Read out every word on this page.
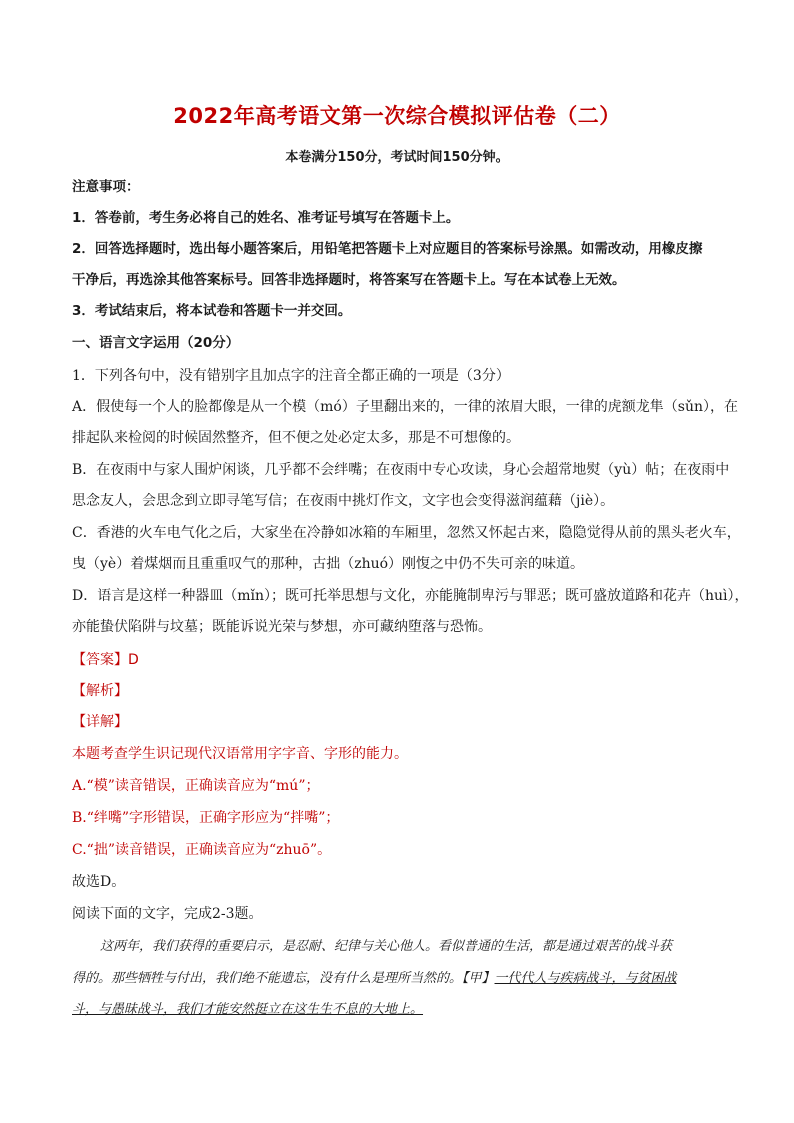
2022年高考语文第一次综合模拟评估卷（二）
本卷满分150分，考试时间150分钟。
注意事项：
1．答卷前，考生务必将自己的姓名、准考证号填写在答题卡上。
2．回答选择题时，选出每小题答案后，用铅笔把答题卡上对应题目的答案标号涂黑。如需改动，用橡皮擦
干净后，再选涂其他答案标号。回答非选择题时，将答案写在答题卡上。写在本试卷上无效。
3．考试结束后，将本试卷和答题卡一并交回。
一、语言文字运用（20分）
1．下列各句中，没有错别字且加点字的注音全都正确的一项是（3分）
A．假使每一个人的脸都像是从一个模（mó）子里翻出来的，一律的浓眉大眼，一律的虎额龙隼（sǔn），在
排起队来检阅的时候固然整齐，但不便之处必定太多，那是不可想像的。
B．在夜雨中与家人围炉闲谈，几乎都不会绊嘴；在夜雨中专心攻读，身心会超常地熨（yù）帖；在夜雨中
思念友人，会思念到立即寻笔写信；在夜雨中挑灯作文，文字也会变得滋润蕴藉（jiè）。
C．香港的火车电气化之后，大家坐在冷静如冰箱的车厢里，忽然又怀起古来，隐隐觉得从前的黑头老火车，
曳（yè）着煤烟而且重重叹气的那种，古拙（zhuó）刚愎之中仍不失可亲的味道。
D．语言是这样一种器皿（mǐn）；既可托举思想与文化，亦能腌制卑污与罪恶；既可盛放道路和花卉（huì），
亦能蛰伏陷阱与坟墓；既能诉说光荣与梦想，亦可藏纳堕落与恐怖。
【答案】D
【解析】
【详解】
本题考查学生识记现代汉语常用字字音、字形的能力。
A.“模”读音错误，正确读音应为“mú”；
B.“绊嘴”字形错误，正确字形应为“拌嘴”；
C.“拙”读音错误，正确读音应为“zhuō”。
故选D。
阅读下面的文字，完成2-3题。
这两年，我们获得的重要启示，是忍耐、纪律与关心他人。看似普通的生活，都是通过艰苦的战斗获
得的。那些牺牲与付出，我们绝不能遗忘，没有什么是理所当然的。【甲】一代代人与疾病战斗，与贫困战
斗，与愚昧战斗，我们才能安然挺立在这生生不息的大地上。
